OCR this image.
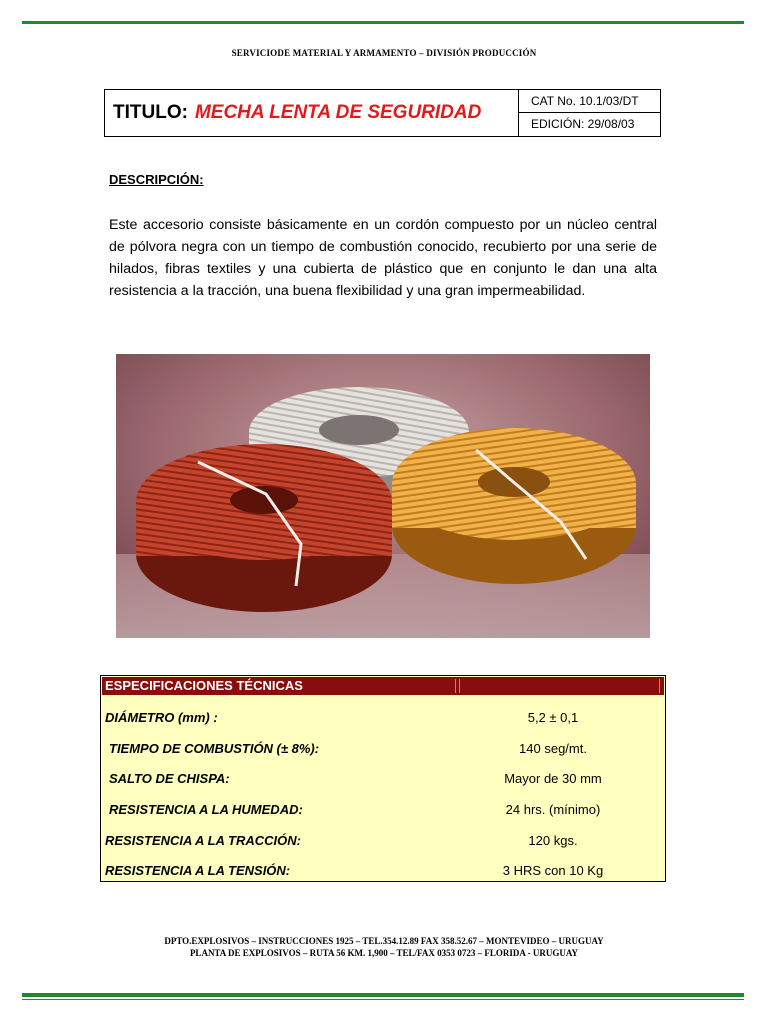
SERVICIODE MATERIAL Y ARMAMENTO – DIVISIÓN PRODUCCIÓN
TITULO: MECHA LENTA DE SEGURIDAD
CAT No. 10.1/03/DT
EDICIÓN: 29/08/03
DESCRIPCIÓN:
Este accesorio consiste básicamente en un cordón compuesto por un núcleo central de pólvora negra con un tiempo de combustión conocido, recubierto por una serie de hilados, fibras textiles y una cubierta de plástico que en conjunto le dan una alta resistencia a la tracción, una buena flexibilidad y una gran impermeabilidad.
ESPECIFICACIONES TÉCNICAS
DIÁMETRO (mm) :	5,2 ± 0,1
TIEMPO DE COMBUSTIÓN (± 8%):	140 seg/mt.
SALTO DE CHISPA:	Mayor de 30 mm
RESISTENCIA A LA HUMEDAD:	24 hrs. (mínimo)
RESISTENCIA A LA TRACCIÓN:	120 kgs.
RESISTENCIA A LA TENSIÓN:	3 HRS con 10 Kg
DPTO.EXPLOSIVOS – INSTRUCCIONES 1925 – TEL.354.12.89 FAX 358.52.67 – MONTEVIDEO – URUGUAY
PLANTA DE EXPLOSIVOS – RUTA 56 KM. 1,900 – TEL/FAX 0353 0723 – FLORIDA - URUGUAY
